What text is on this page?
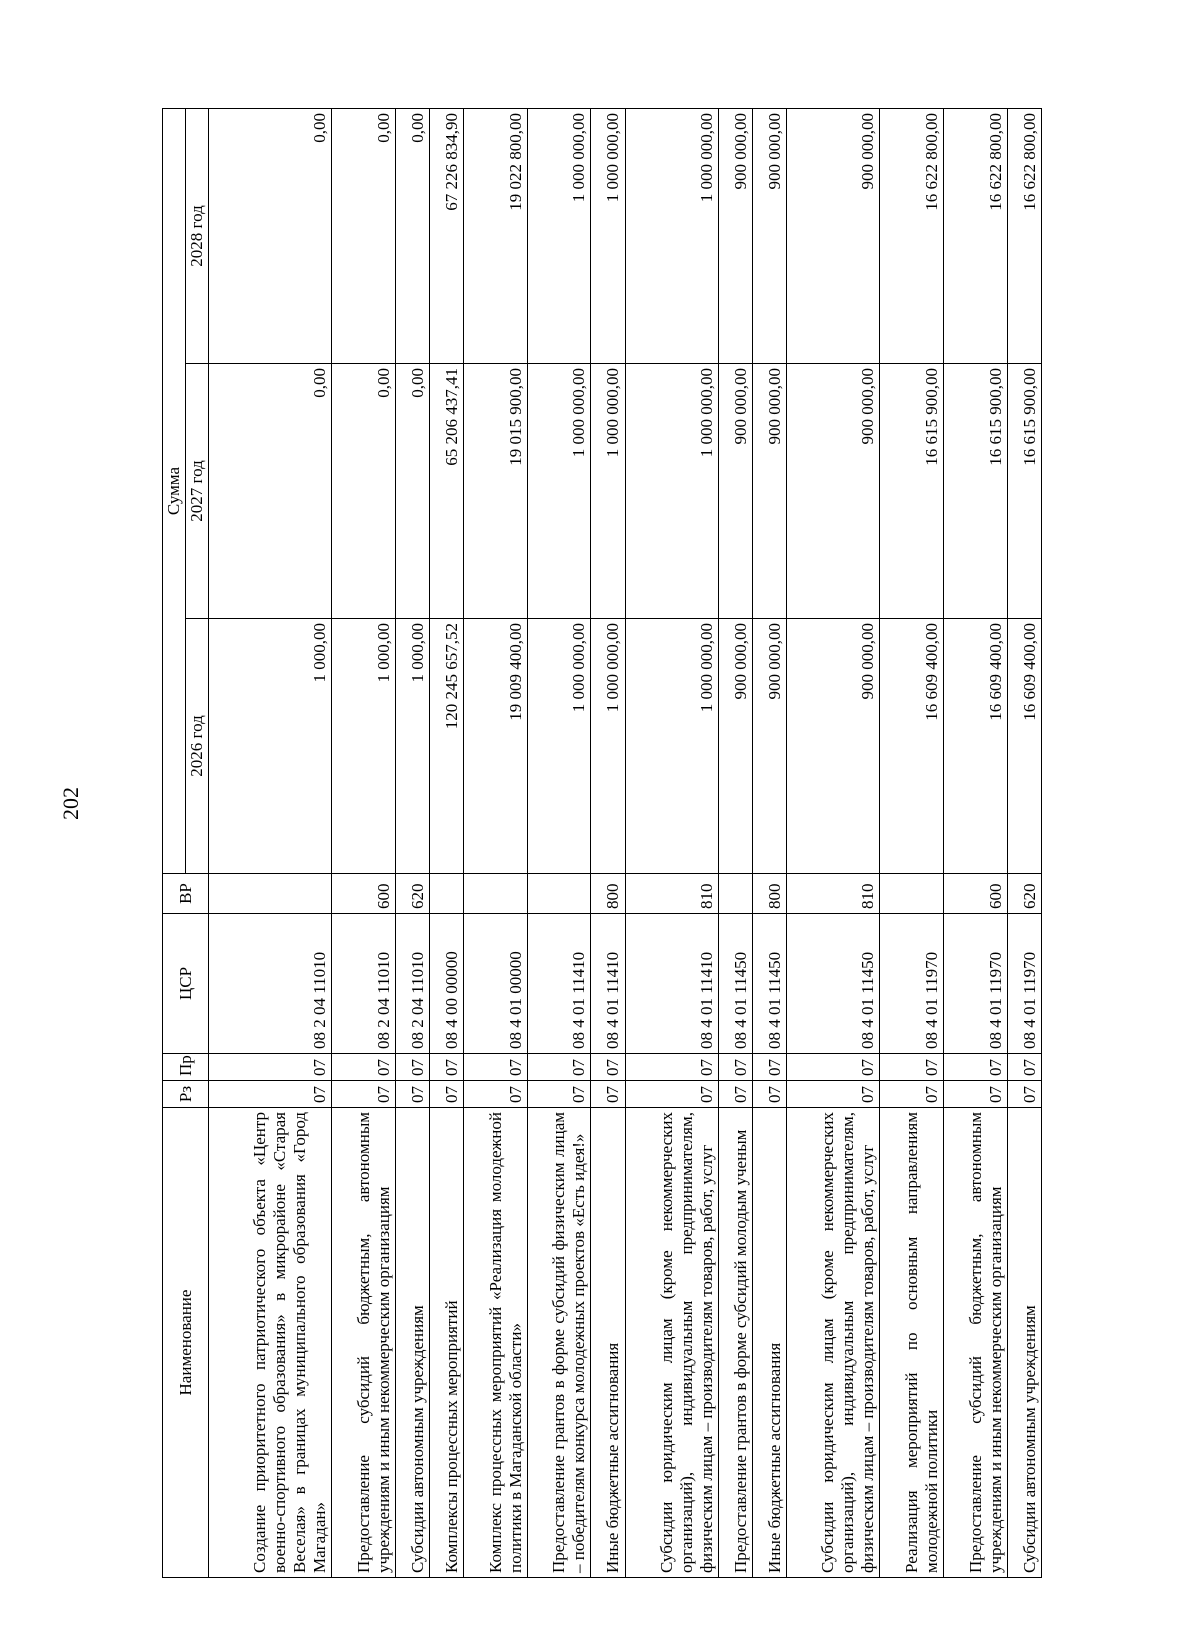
202
Наименование	Рз	Пр	ЦСР	ВР	Сумма		
					2026 год	2027 год	2028 год
Создание приоритетного патриотического объекта «Центр военно-спортивного образования» в микрорайоне «Старая Веселая» в границах муниципального образования «Город Магадан»	07	07	08 2 04 11010		1 000,00	0,00	0,00
Предоставление субсидий бюджетным, автономным учреждениям и иным некоммерческим организациям	07	07	08 2 04 11010	600	1 000,00	0,00	0,00
Субсидии автономным учреждениям	07	07	08 2 04 11010	620	1 000,00	0,00	0,00
Комплексы процессных мероприятий	07	07	08 4 00 00000		120 245 657,52	65 206 437,41	67 226 834,90
Комплекс процессных мероприятий «Реализация молодежной политики в Магаданской области»	07	07	08 4 01 00000		19 009 400,00	19 015 900,00	19 022 800,00
Предоставление грантов в форме субсидий физическим лицам – победителям конкурса молодежных проектов «Есть идея!»	07	07	08 4 01 11410		1 000 000,00	1 000 000,00	1 000 000,00
Иные бюджетные ассигнования	07	07	08 4 01 11410	800	1 000 000,00	1 000 000,00	1 000 000,00
Субсидии юридическим лицам (кроме некоммерческих организаций), индивидуальным предпринимателям, физическим лицам – производителям товаров, работ, услуг	07	07	08 4 01 11410	810	1 000 000,00	1 000 000,00	1 000 000,00
Предоставление грантов в форме субсидий молодым ученым	07	07	08 4 01 11450		900 000,00	900 000,00	900 000,00
Иные бюджетные ассигнования	07	07	08 4 01 11450	800	900 000,00	900 000,00	900 000,00
Субсидии юридическим лицам (кроме некоммерческих организаций), индивидуальным предпринимателям, физическим лицам – производителям товаров, работ, услуг	07	07	08 4 01 11450	810	900 000,00	900 000,00	900 000,00
Реализация мероприятий по основным направлениям молодежной политики	07	07	08 4 01 11970		16 609 400,00	16 615 900,00	16 622 800,00
Предоставление субсидий бюджетным, автономным учреждениям и иным некоммерческим организациям	07	07	08 4 01 11970	600	16 609 400,00	16 615 900,00	16 622 800,00
Субсидии автономным учреждениям	07	07	08 4 01 11970	620	16 609 400,00	16 615 900,00	16 622 800,00
